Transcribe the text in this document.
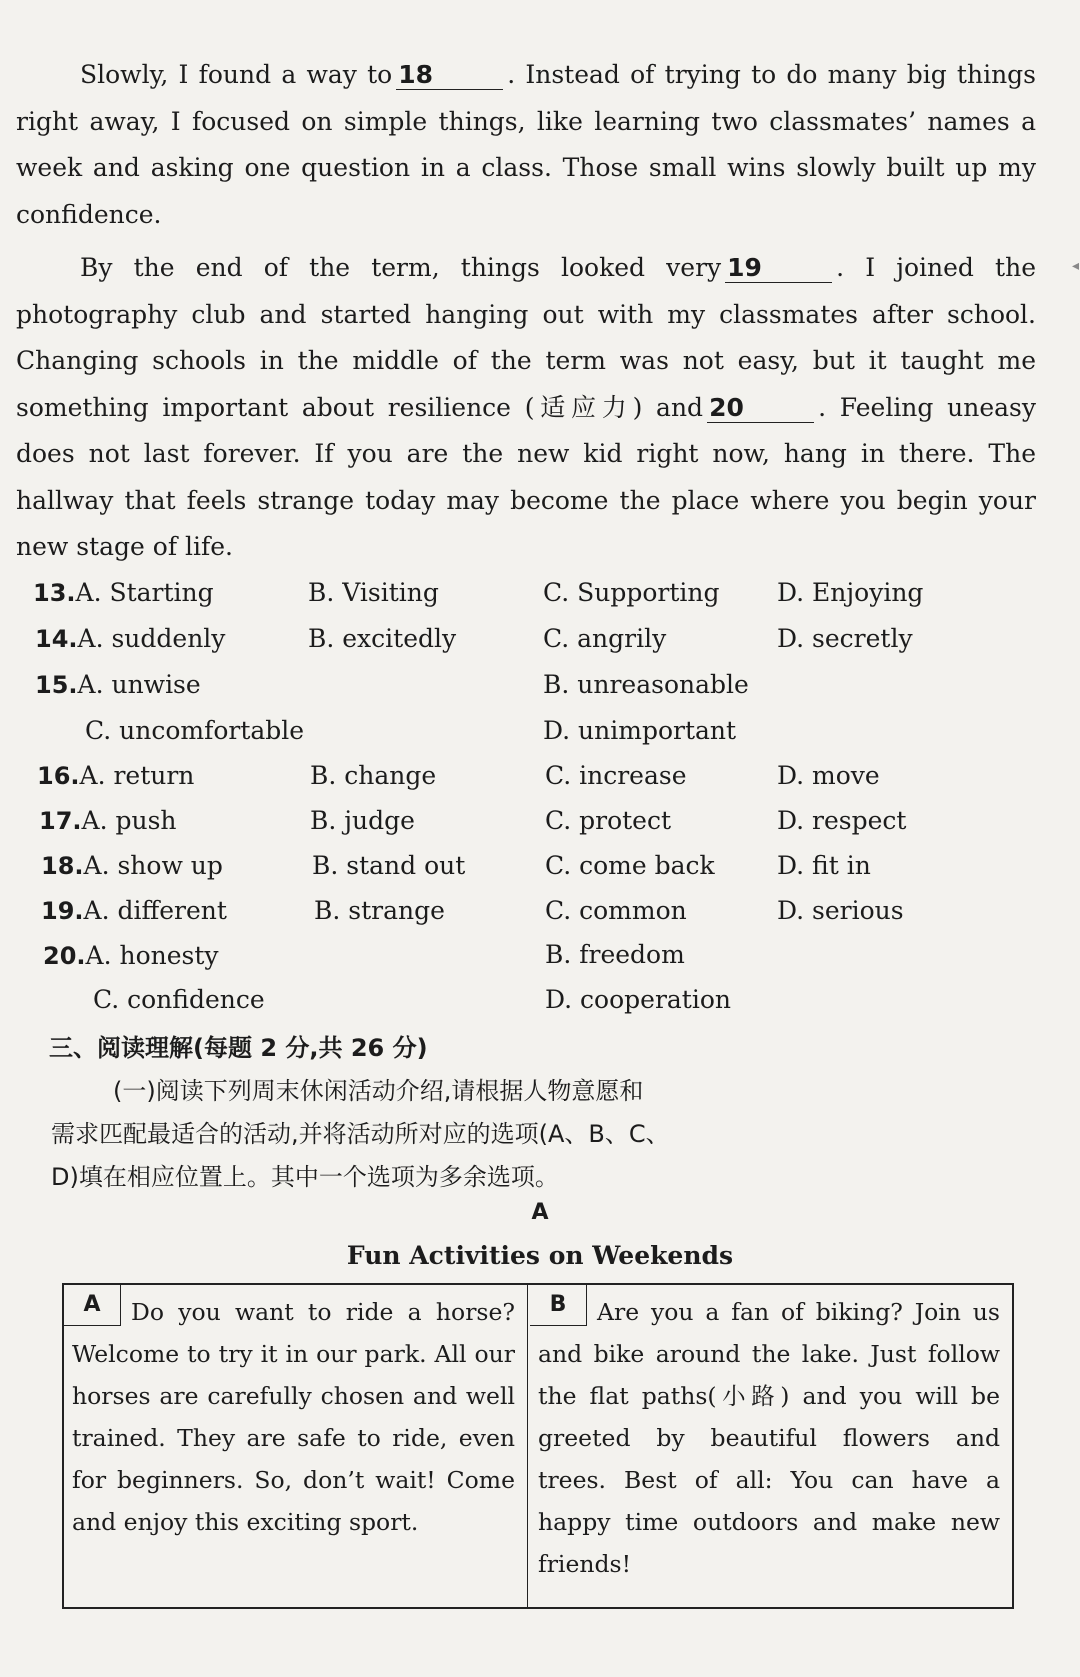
Slowly, I found a way to 18	. Instead of trying to do many big things right away, I focused on simple things, like learning two classmates’ names a week and asking one question in a class. Those small wins slowly built up my confidence.
By the end of the term, things looked very 19	. I joined the photography club and started hanging out with my classmates after school. Changing schools in the middle of the term was not easy, but it taught me something important about resilience (适应力) and 20	. Feeling uneasy does not last forever. If you are the new kid right now, hang in there. The hallway that feels strange today may become the place where you begin your new stage of life.
13.A. Starting	B. Visiting	C. Supporting D. Enjoying
14.A. suddenly	B. excitedly	C. angrily	D. secretly
15.A. unwise	B. unreasonable
C. uncomfortable	D. unimportant
16.A. return	B. change	C. increase	D. move
17.A. push	B. judge	C. protect	D. respect
18.A. show up	B. stand out	C. come back D. fit in
19.A. different	B. strange	C. common	D. serious
20.A. honesty	B. freedom
C. confidence	D. cooperation
三、阅读理解(每题 2 分,共 26 分)
(一)阅读下列周末休闲活动介绍,请根据人物意愿和
需求匹配最适合的活动,并将活动所对应的选项(A、B、C、
D)填在相应位置上。其中一个选项为多余选项。
A
Fun Activities on Weekends
A	Do you want to ride a horse? Welcome to try it in our park. All our horses are carefully chosen and well trained. They are safe to ride, even for beginners. So, don’t wait! Come and enjoy this exciting sport.
B	Are you a fan of biking? Join us and bike around the lake. Just follow the flat paths(小路) and you will be greeted by beautiful flowers and trees. Best of all: You can have a happy time outdoors and make new friends!
◂
